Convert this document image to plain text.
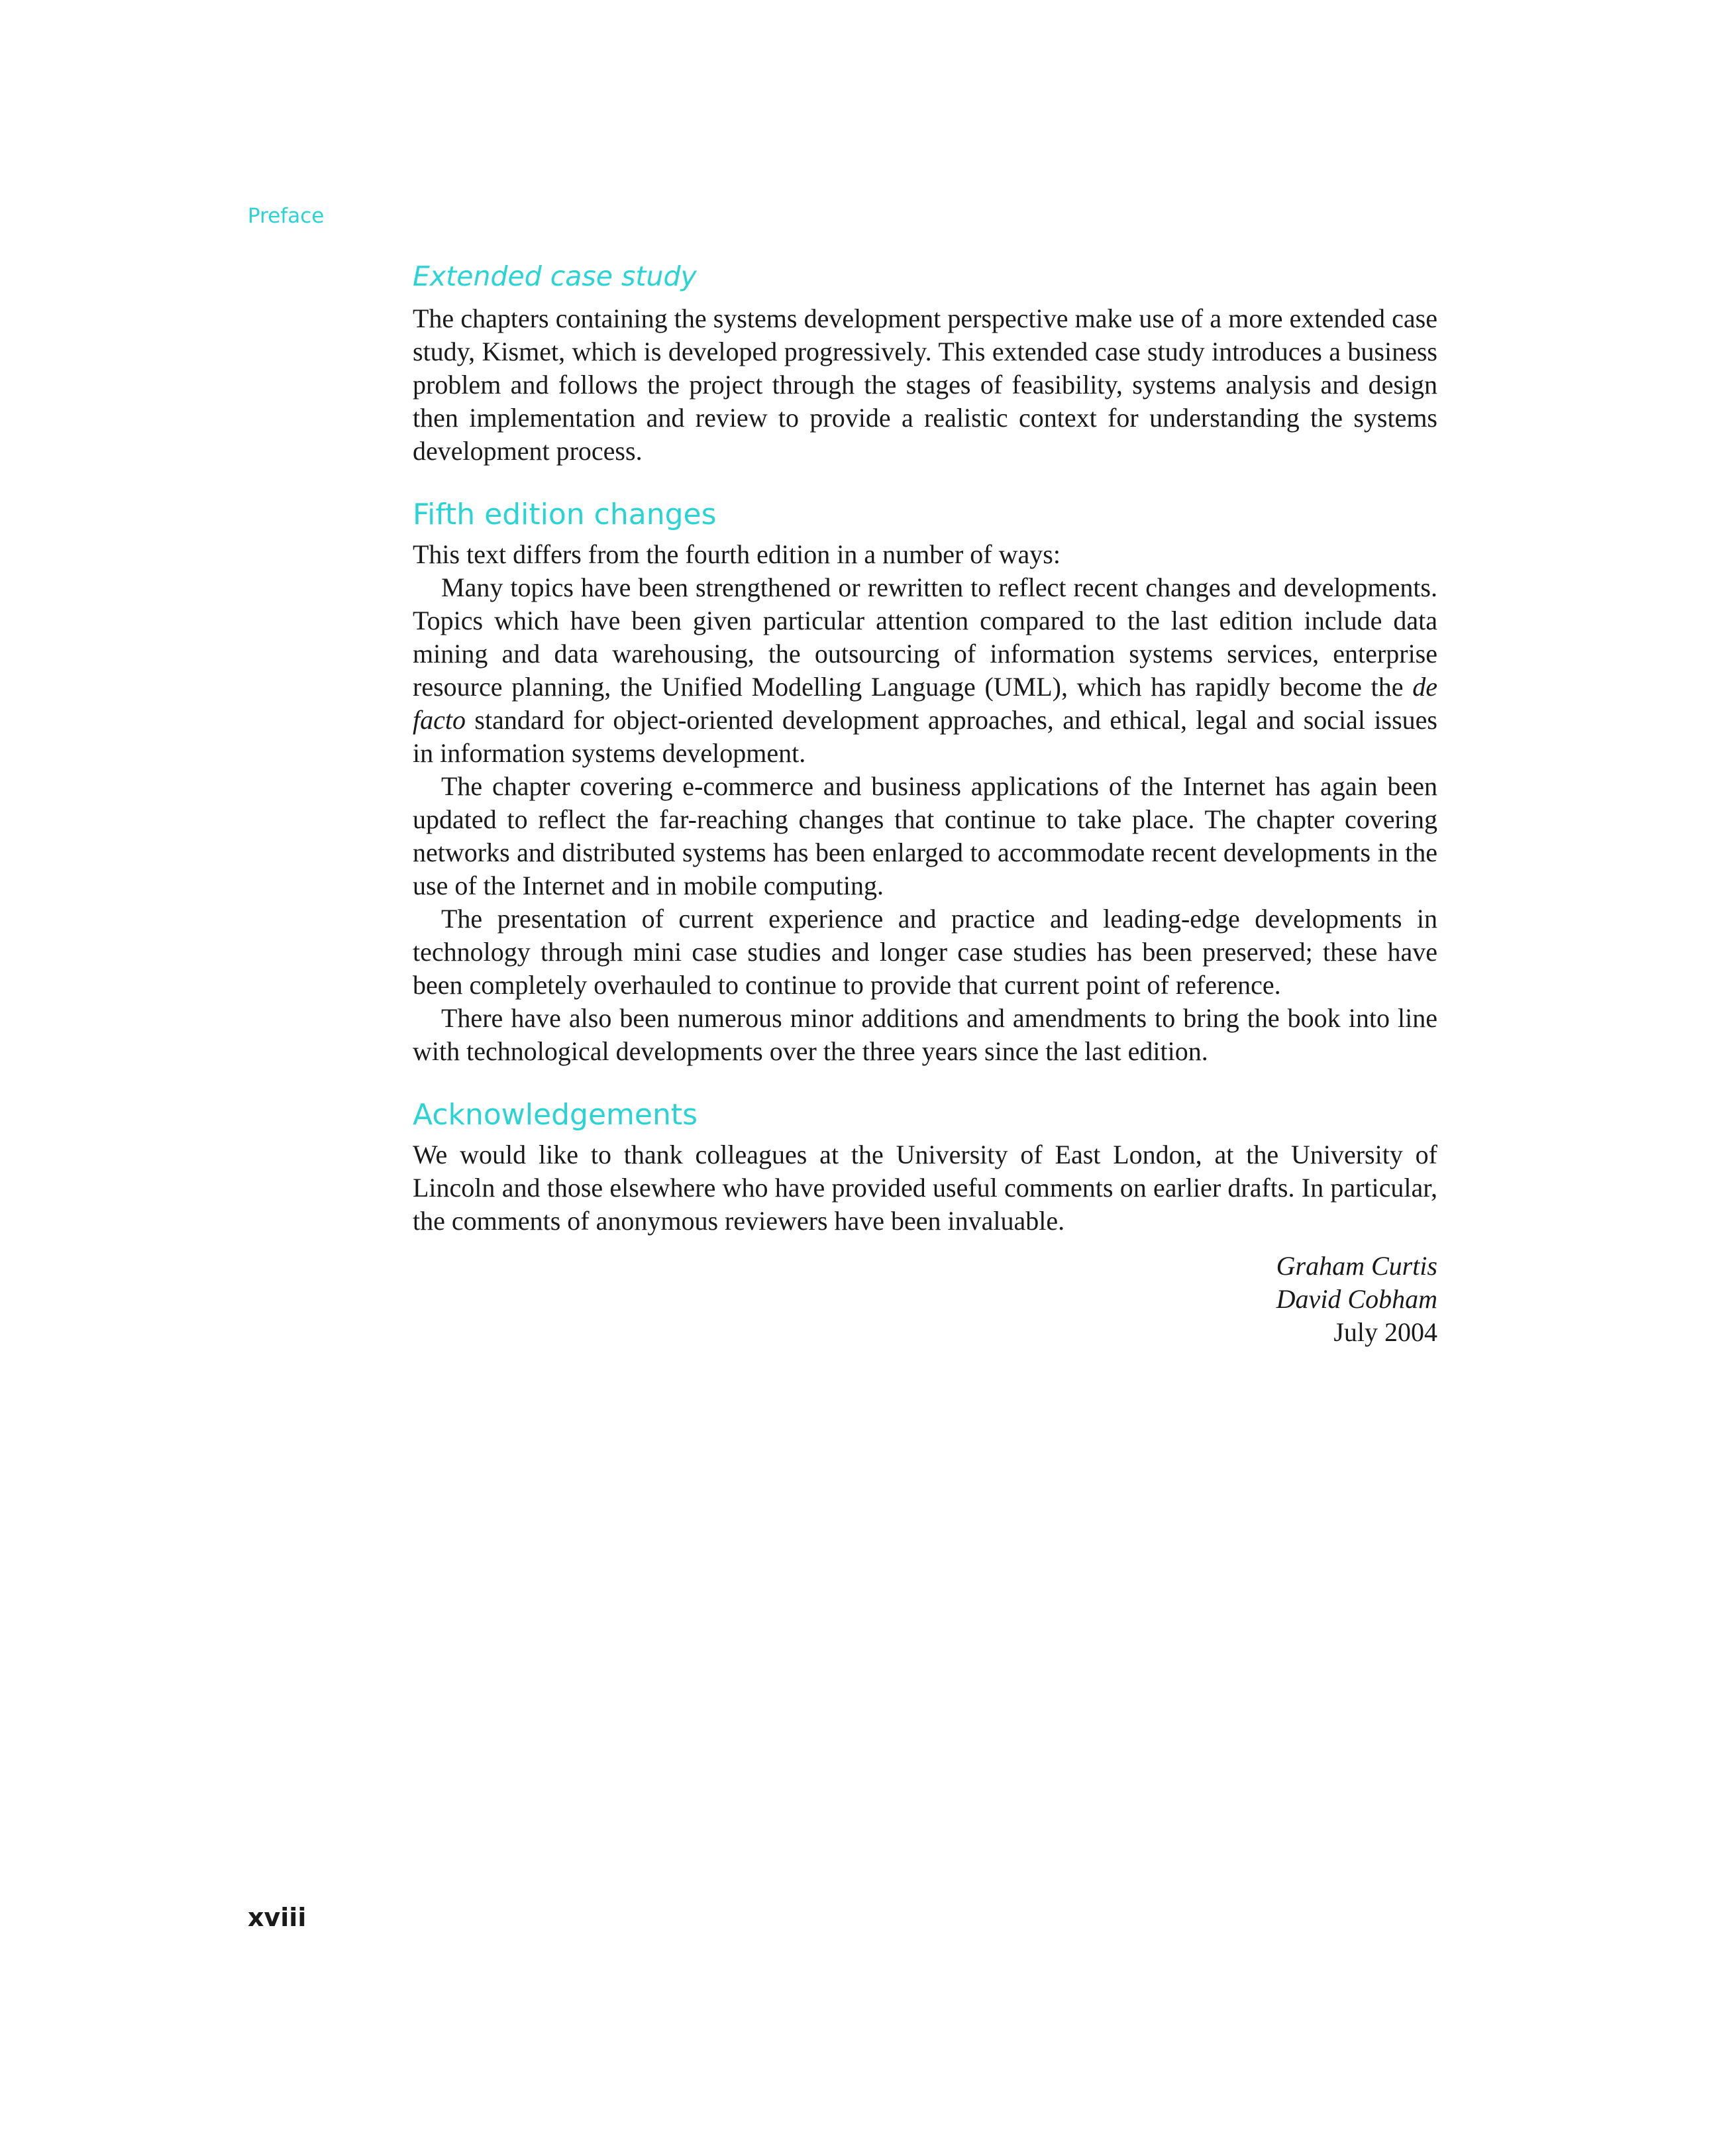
Preface
Extended case study

The chapters containing the systems development perspective make use of a more extended case study, Kismet, which is developed progressively. This extended case study introduces a business problem and follows the project through the stages of feasibility, systems analysis and design then implementation and review to provide a realistic context for understanding the systems development process.

Fifth edition changes

This text differs from the fourth edition in a number of ways:

Many topics have been strengthened or rewritten to reflect recent changes and developments. Topics which have been given particular attention compared to the last edition include data mining and data warehousing, the outsourcing of information systems services, enterprise resource planning, the Unified Modelling Language (UML), which has rapidly become the de facto standard for object-oriented development approaches, and ethical, legal and social issues in information systems development.

The chapter covering e-commerce and business applications of the Internet has again been updated to reflect the far-reaching changes that continue to take place. The chapter covering networks and distributed systems has been enlarged to accommodate recent developments in the use of the Internet and in mobile computing.

The presentation of current experience and practice and leading-edge developments in technology through mini case studies and longer case studies has been preserved; these have been completely overhauled to continue to provide that current point of reference.

There have also been numerous minor additions and amendments to bring the book into line with technological developments over the three years since the last edition.

Acknowledgements

We would like to thank colleagues at the University of East London, at the University of Lincoln and those elsewhere who have provided useful comments on earlier drafts. In particular, the comments of anonymous reviewers have been invaluable.

Graham Curtis
David Cobham
July 2004
xviii
